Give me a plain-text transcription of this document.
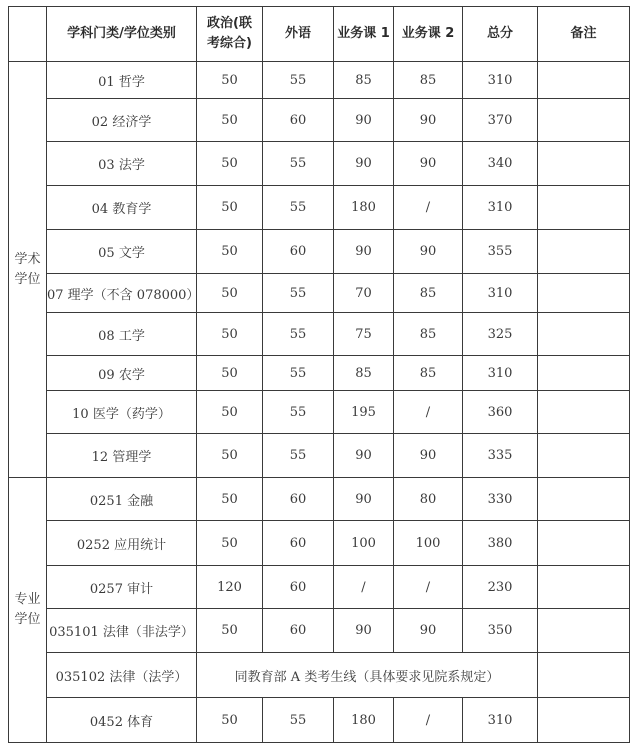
	学科门类/学位类别	政治(联
考综合)	外语	业务课 1	业务课 2	总分	备注
学术
学位	01 哲学	50	55	85	85	310	
	02 经济学	50	60	90	90	370	
	03 法学	50	55	90	90	340	
	04 教育学	50	55	180	/	310	
	05 文学	50	60	90	90	355	
	07 理学（不含 078000）	50	55	70	85	310	
	08 工学	50	55	75	85	325	
	09 农学	50	55	85	85	310	
	10 医学（药学）	50	55	195	/	360	
	12 管理学	50	55	90	90	335	
专业
学位	0251 金融	50	60	90	80	330	
	0252 应用统计	50	60	100	100	380	
	0257 审计	120	60	/	/	230	
	035101 法律（非法学）	50	60	90	90	350	
	035102 法律（法学）	同教育部 A 类考生线（具体要求见院系规定）					
	0452 体育	50	55	180	/	310	
